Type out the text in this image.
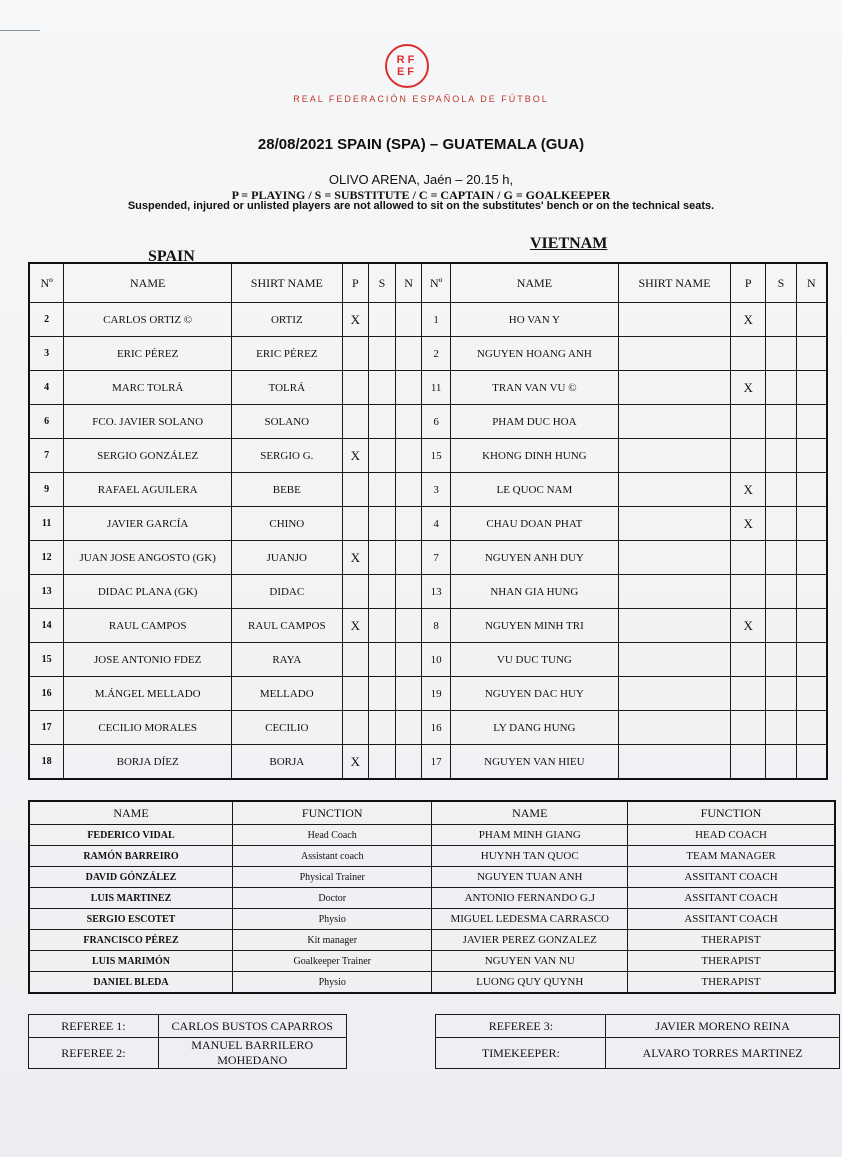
RF
EF
REAL FEDERACIÓN ESPAÑOLA DE FÚTBOL
28/08/2021 SPAIN (SPA) – GUATEMALA (GUA)
OLIVO ARENA, Jaén – 20.15 h,
P = PLAYING / S = SUBSTITUTE / C = CAPTAIN / G = GOALKEEPER
Suspended, injured or unlisted players are not allowed to sit on the substitutes' bench or on the technical seats.
SPAIN
VIETNAM
Nº	NAME	SHIRT NAME	P	S	N	Nº	NAME	SHIRT NAME	P	S	N
2	CARLOS ORTIZ ©	ORTIZ	X			1	HO VAN Y		X		
3	ERIC PÉREZ	ERIC PÉREZ				2	NGUYEN HOANG ANH				
4	MARC TOLRÁ	TOLRÁ				11	TRAN VAN VU ©		X		
6	FCO. JAVIER SOLANO	SOLANO				6	PHAM DUC HOA				
7	SERGIO GONZÁLEZ	SERGIO G.	X			15	KHONG DINH HUNG				
9	RAFAEL AGUILERA	BEBE				3	LE QUOC NAM		X		
11	JAVIER GARCÍA	CHINO				4	CHAU DOAN PHAT		X		
12	JUAN JOSE ANGOSTO (GK)	JUANJO	X			7	NGUYEN ANH DUY				
13	DIDAC PLANA (GK)	DIDAC				13	NHAN GIA HUNG				
14	RAUL CAMPOS	RAUL CAMPOS	X			8	NGUYEN MINH TRI		X		
15	JOSE ANTONIO FDEZ	RAYA				10	VU DUC TUNG				
16	M.ÁNGEL MELLADO	MELLADO				19	NGUYEN DAC HUY				
17	CECILIO MORALES	CECILIO				16	LY DANG HUNG				
18	BORJA DÍEZ	BORJA	X			17	NGUYEN VAN HIEU				
NAME	FUNCTION	NAME	FUNCTION
FEDERICO VIDAL	Head Coach	PHAM MINH GIANG	HEAD COACH
RAMÓN BARREIRO	Assistant coach	HUYNH TAN QUOC	TEAM MANAGER
DAVID GÓNZÁLEZ	Physical Trainer	NGUYEN TUAN ANH	ASSITANT COACH
LUIS MARTINEZ	Doctor	ANTONIO FERNANDO G.J	ASSITANT COACH
SERGIO ESCOTET	Physio	MIGUEL LEDESMA CARRASCO	ASSITANT COACH
FRANCISCO PÉREZ	Kit manager	JAVIER PEREZ GONZALEZ	THERAPIST
LUIS MARIMÓN	Goalkeeper Trainer	NGUYEN VAN NU	THERAPIST
DANIEL BLEDA	Physio	LUONG QUY QUYNH	THERAPIST
REFEREE 1:	CARLOS BUSTOS CAPARROS		REFEREE 3:	JAVIER MORENO REINA
REFEREE 2:	MANUEL BARRILERO MOHEDANO		TIMEKEEPER:	ALVARO TORRES MARTINEZ
